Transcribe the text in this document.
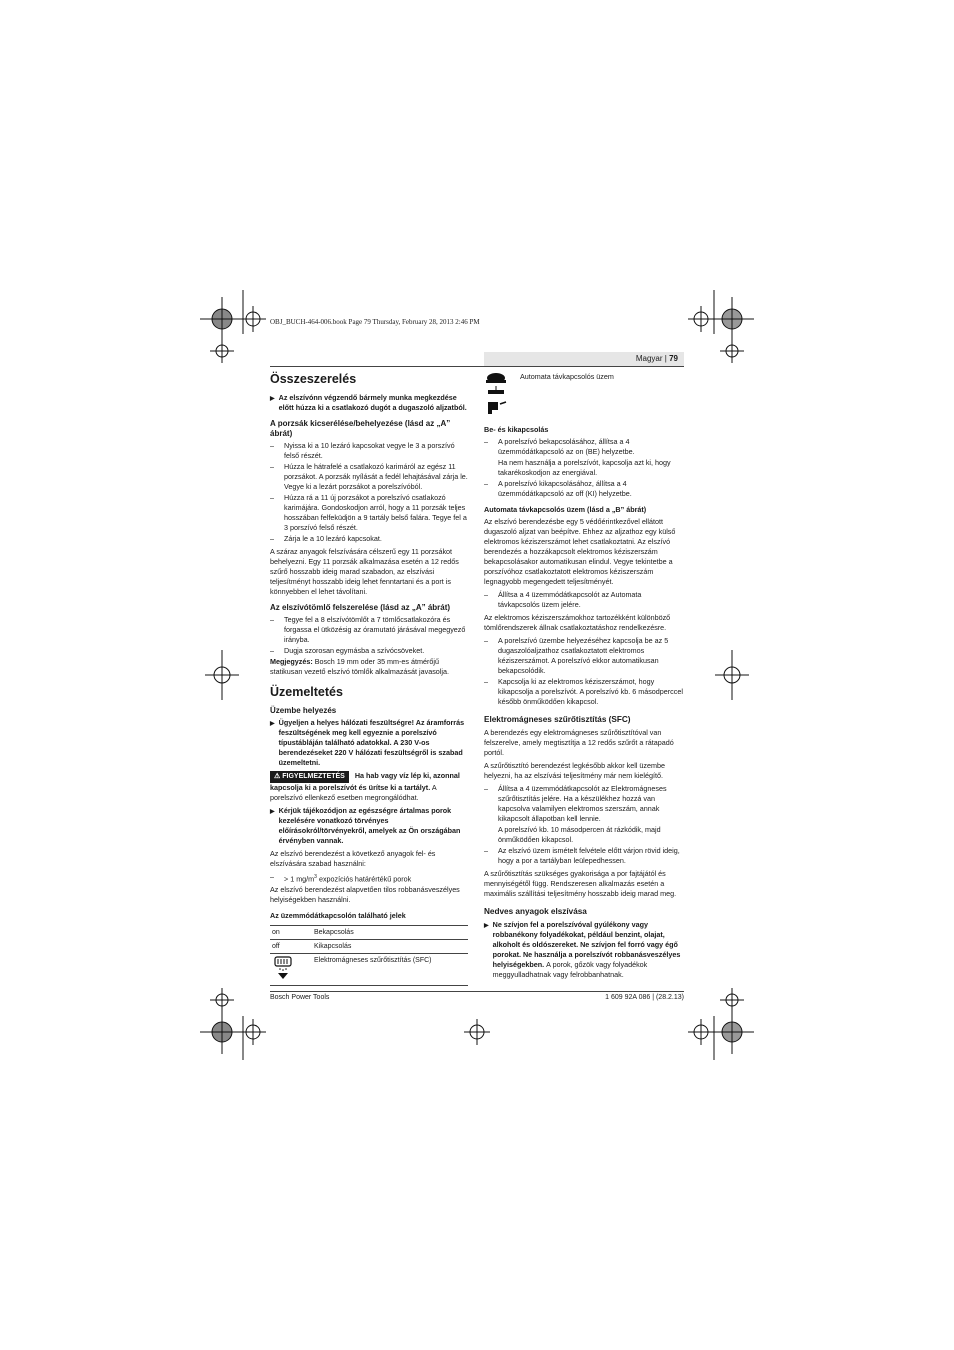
OBJ_BUCH-464-006.book Page 79 Thursday, February 28, 2013 2:46 PM
Magyar | 79
Összeszerelés
▶ Az elszívónn végzendő bármely munka megkezdése előtt húzza ki a csatlakozó dugót a dugaszoló aljzatból.
A porzsák kicserélése/behelyezése (lásd az „A” ábrát)
–	Nyissa ki a 10 lezáró kapcsokat vegye le 3 a porszívó felső részét.
–	Húzza le hátrafelé a csatlakozó karimáról az egész 11 porzsákot. A porzsák nyílását a fedél lehajtásával zárja le. Vegye ki a lezárt porzsákot a porelszívóból.
–	Húzza rá a 11 új porzsákot a porelszívó csatlakozó karimájára. Gondoskodjon arról, hogy a 11 porzsák teljes hosszában felfeküdjön a 9 tartály belső falára. Tegye fel a 3 porszívó felső részét.
–	Zárja le a 10 lezáró kapcsokat.

A száraz anyagok felszívására célszerű egy 11 porzsákot behelyezni. Egy 11 porzsák alkalmazása esetén a 12 redős szűrő hosszabb ideig marad szabadon, az elszívási teljesítményt hosszabb ideig lehet fenntartani és a port is könnyebben el lehet távolítani.

Az elszívótömlő felszerelése (lásd az „A” ábrát)
–	Tegye fel a 8 elszívótömlőt a 7 tömlőcsatlakozóra és forgassa el ütközésig az óramutató járásával megegyező irányba.
–	Dugja szorosan egymásba a szívócsöveket.

Megjegyzés: Bosch 19 mm oder 35 mm-es átmérőjű statikusan vezető elszívó tömlők alkalmazását javasolja.

Üzemeltetés
Üzembe helyezés
▶ Ügyeljen a helyes hálózati feszültségre! Az áramforrás feszültségének meg kell egyeznie a porelszívó típustábláján található adatokkal. A 230 V-os berendezéseket 220 V hálózati feszültségről is szabad üzemeltetni.

⚠ FIGYELMEZTETÉS Ha hab vagy víz lép ki, azonnal kapcsolja ki a porelszívót és ürítse ki a tartályt. A porelszívó ellenkező esetben megrongálódhat.

▶ Kérjük tájékozódjon az egészségre ártalmas porok kezelésére vonatkozó törvényes előírásokról/törvényekről, amelyek az Ön országában érvényben vannak.

Az elszívó berendezést a következő anyagok fel- és elszívására szabad használni:

–	> 1 $mg/m^3$ expozíciós határértékű porok

Az elszívó berendezést alapvetően tilos robbanásveszélyes helyiségekben használni.

Az üzemmódátkapcsolón található jelek
on	Bekapcsolás
off	Kikapcsolás
	Elektromágneses szűrőtisztítás (SFC)
Automata távkapcsolós üzem
Be- és kikapcsolás
–	A porelszívó bekapcsolásához, állítsa a 4 üzemmódátkapcsoló az on (BE) helyzetbe.
Ha nem használja a porelszívót, kapcsolja azt ki, hogy takarékoskodjon az energiával.
–	A porelszívó kikapcsolásához, állítsa a 4 üzemmódátkapcsoló az off (KI) helyzetbe.
Automata távkapcsolós üzem (lásd a „B” ábrát)

Az elszívó berendezésbe egy 5 védőérintkezővel ellátott dugaszoló aljzat van beépítve. Ehhez az aljzathoz egy külső elektromos kéziszerszámot lehet csatlakoztatni. Az elszívó berendezés a hozzákapcsolt elektromos kéziszerszám bekapcsolásakor automatikusan elindul. Vegye tekintetbe a porszívóhoz csatlakoztatott elektromos kéziszerszám legnagyobb megengedett teljesítményét.

–	Állítsa a 4 üzemmódátkapcsolót az Automata távkapcsolós üzem jelére.

Az elektromos kéziszerszámokhoz tartozékként különböző tömlőrendszerek állnak csatlakoztatáshoz rendelkezésre.

–	A porelszívó üzembe helyezéséhez kapcsolja be az 5 dugaszolóaljzathoz csatlakoztatott elektromos kéziszerszámot. A porelszívó ekkor automatikusan bekapcsolódik.
–	Kapcsolja ki az elektromos kéziszerszámot, hogy kikapcsolja a porelszívót. A porelszívó kb. 6 másodperccel később önműködően kikapcsol.
Elektromágneses szűrőtisztítás (SFC)

A berendezés egy elektromágneses szűrőtisztítóval van felszerelve, amely megtisztítja a 12 redős szűrőt a rátapadó portól.

A szűrőtisztító berendezést legkésőbb akkor kell üzembe helyezni, ha az elszívási teljesítmény már nem kielégítő.

–	Állítsa a 4 üzemmódátkapcsolót az Elektromágneses szűrőtisztítás jelére. Ha a készülékhez hozzá van kapcsolva valamilyen elektromos szerszám, annak kikapcsolt állapotban kell lennie.
A porelszívó kb. 10 másodpercen át rázkódik, majd önműködően kikapcsol.
–	Az elszívó üzem ismételt felvétele előtt várjon rövid ideig, hogy a por a tartályban leülepedhessen.

A szűrőtisztítás szükséges gyakorisága a por fajtájától és mennyiségétől függ. Rendszeresen alkalmazás esetén a maximális szállítási teljesítmény hosszabb ideig marad meg.

Nedves anyagok elszívása
▶ Ne szívjon fel a porelszívóval gyúlékony vagy robbanékony folyadékokat, például benzint, olajat, alkoholt és oldószereket. Ne szívjon fel forró vagy égő porokat. Ne használja a porelszívót robbanásveszélyes helyiségekben. A porok, gőzök vagy folyadékok meggyulladhatnak vagy felrobbanhatnak.
Bosch Power Tools	1 609 92A 086 | (28.2.13)
